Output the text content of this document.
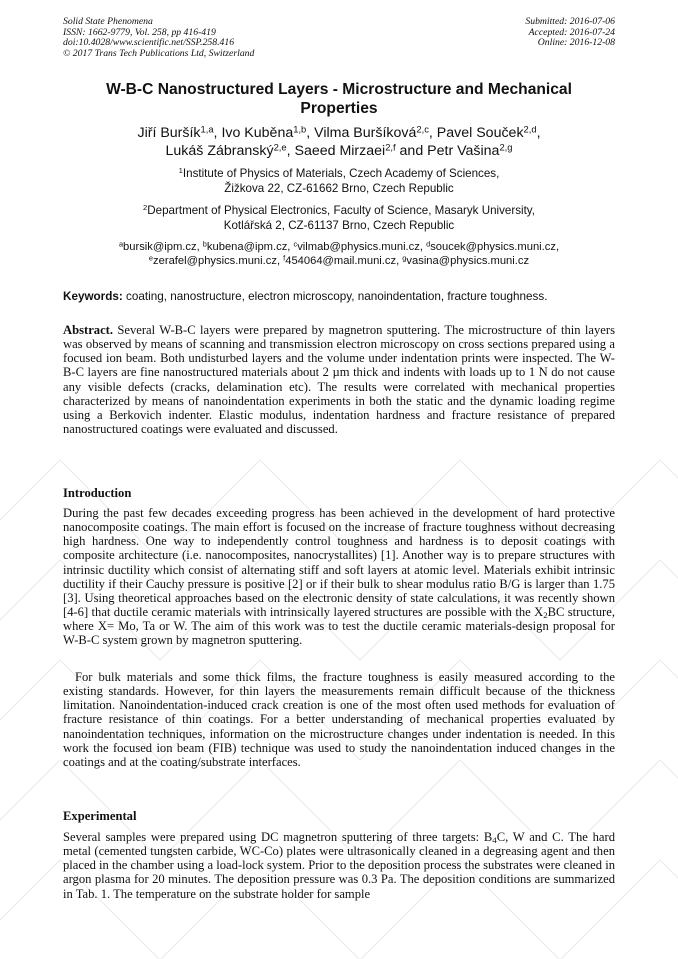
Solid State Phenomena
ISSN: 1662-9779, Vol. 258, pp 416-419
doi:10.4028/www.scientific.net/SSP.258.416
© 2017 Trans Tech Publications Ltd, Switzerland
Submitted: 2016-07-06
Accepted: 2016-07-24
Online: 2016-12-08
W-B-C Nanostructured Layers - Microstructure and Mechanical
Properties
Jiří Buršík$^{1,a}$, Ivo Kuběna$^{1,b}$, Vilma Buršíková$^{2,c}$, Pavel Souček$^{2,d}$,
Lukáš Zábranský$^{2,e}$, Saeed Mirzaei$^{2,f}$ and Petr Vašina$^{2,g}$
$^1$Institute of Physics of Materials, Czech Academy of Sciences,
Žižkova 22, CZ-61662 Brno, Czech Republic
$^2$Department of Physical Electronics, Faculty of Science, Masaryk University,
Kotlářská 2, CZ-61137 Brno, Czech Republic
$^a$bursik@ipm.cz, $^b$kubena@ipm.cz, $^c$vilmab@physics.muni.cz, $^d$soucek@physics.muni.cz,
$^e$zerafel@physics.muni.cz, $^f$454064@mail.muni.cz, $^g$vasina@physics.muni.cz
Keywords: coating, nanostructure, electron microscopy, nanoindentation, fracture toughness.
Abstract. Several W-B-C layers were prepared by magnetron sputtering. The microstructure of thin layers was observed by means of scanning and transmission electron microscopy on cross sections prepared using a focused ion beam. Both undisturbed layers and the volume under indentation prints were inspected. The W-B-C layers are fine nanostructured materials about 2 µm thick and indents with loads up to 1 N do not cause any visible defects (cracks, delamination etc). The results were correlated with mechanical properties characterized by means of nanoindentation experiments in both the static and the dynamic loading regime using a Berkovich indenter. Elastic modulus, indentation hardness and fracture resistance of prepared nanostructured coatings were evaluated and discussed.
Introduction
During the past few decades exceeding progress has been achieved in the development of hard protective nanocomposite coatings. The main effort is focused on the increase of fracture toughness without decreasing high hardness. One way to independently control toughness and hardness is to deposit coatings with composite architecture (i.e. nanocomposites, nanocrystallites) [1]. Another way is to prepare structures with intrinsic ductility which consist of alternating stiff and soft layers at atomic level. Materials exhibit intrinsic ductility if their Cauchy pressure is positive [2] or if their bulk to shear modulus ratio B/G is larger than 1.75 [3]. Using theoretical approaches based on the electronic density of state calculations, it was recently shown [4-6] that ductile ceramic materials with intrinsically layered structures are possible with the $X_2BC$ structure, where X= Mo, Ta or W. The aim of this work was to test the ductile ceramic materials-design proposal for W-B-C system grown by magnetron sputtering.
For bulk materials and some thick films, the fracture toughness is easily measured according to the existing standards. However, for thin layers the measurements remain difficult because of the thickness limitation. Nanoindentation-induced crack creation is one of the most often used methods for evaluation of fracture resistance of thin coatings. For a better understanding of mechanical properties evaluated by nanoindentation techniques, information on the microstructure changes under indentation is needed. In this work the focused ion beam (FIB) technique was used to study the nanoindentation induced changes in the coatings and at the coating/substrate interfaces.
Experimental
Several samples were prepared using DC magnetron sputtering of three targets: $B_4C$, W and C. The hard metal (cemented tungsten carbide, WC-Co) plates were ultrasonically cleaned in a degreasing agent and then placed in the chamber using a load-lock system. Prior to the deposition process the substrates were cleaned in argon plasma for 20 minutes. The deposition pressure was 0.3 Pa. The deposition conditions are summarized in Tab. 1. The temperature on the substrate holder for sample
